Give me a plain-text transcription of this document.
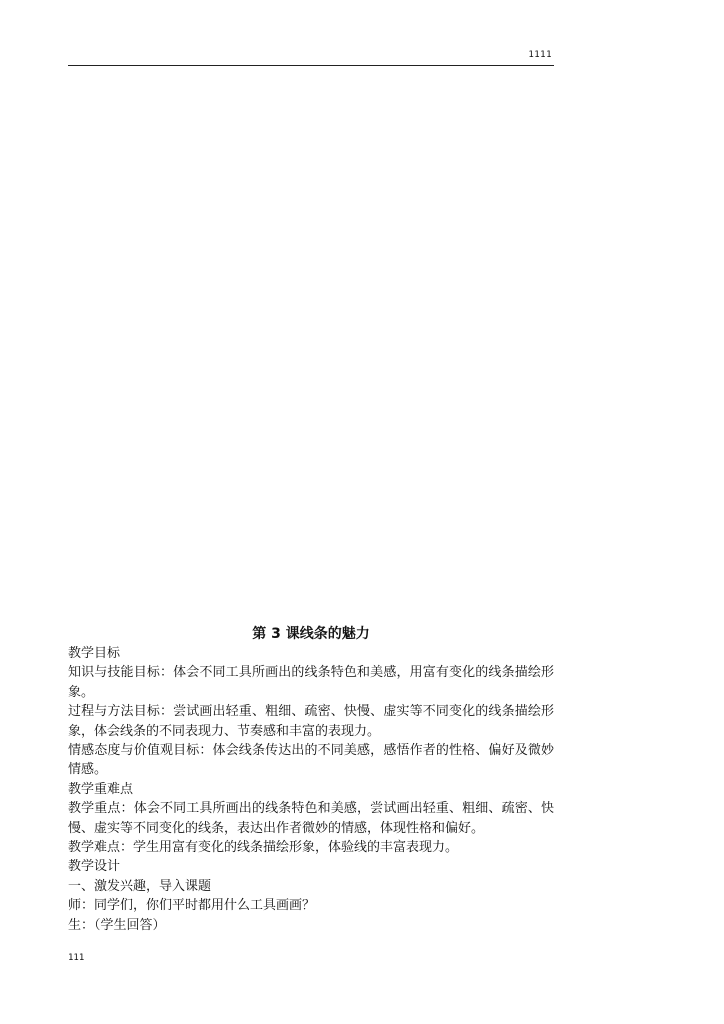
1111
第 3 课线条的魅力

教学目标

知识与技能目标：体会不同工具所画出的线条特色和美感，用富有变化的线条描绘形象。

过程与方法目标：尝试画出轻重、粗细、疏密、快慢、虚实等不同变化的线条描绘形象，体会线条的不同表现力、节奏感和丰富的表现力。

情感态度与价值观目标：体会线条传达出的不同美感，感悟作者的性格、偏好及微妙情感。

教学重难点

教学重点：体会不同工具所画出的线条特色和美感，尝试画出轻重、粗细、疏密、快慢、虚实等不同变化的线条，表达出作者微妙的情感，体现性格和偏好。

教学难点：学生用富有变化的线条描绘形象，体验线的丰富表现力。

教学设计

一、激发兴趣，导入课题

师：同学们，你们平时都用什么工具画画？

生：（学生回答）

111
